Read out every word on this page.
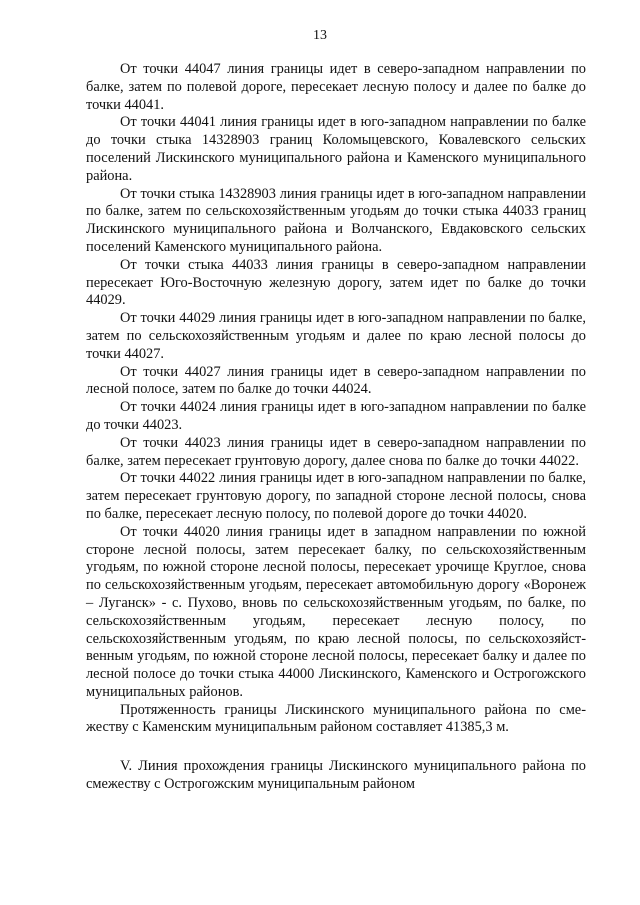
13

От точки 44047 линия границы идет в северо-западном направлении по балке, затем по полевой дороге, пересекает лесную полосу и далее по балке до точки 44041.

От точки 44041 линия границы идет в юго-западном направлении по балке до точки стыка 14328903 границ Коломыцевского, Ковалевского сельских поселений Лискинского муниципального района и Каменского муниципального района.

От точки стыка 14328903 линия границы идет в юго-западном направлении по балке, затем по сельскохозяйственным угодьям до точки стыка 44033 границ Лискинского муниципального района и Волчанского, Евдаковского сельских поселений Каменского муниципального района.

От точки стыка 44033 линия границы в северо-западном направлении пересекает Юго-Восточную железную дорогу, затем идет по балке до точки 44029.

От точки 44029 линия границы идет в юго-западном направлении по балке, затем по сельскохозяйственным угодьям и далее по краю лесной полосы до точки 44027.

От точки 44027 линия границы идет в северо-западном направлении по лесной полосе, затем по балке до точки 44024.

От точки 44024 линия границы идет в юго-западном направлении по балке до точки 44023.

От точки 44023 линия границы идет в северо-западном направлении по балке, затем пересекает грунтовую дорогу, далее снова по балке до точки 44022.

От точки 44022 линия границы идет в юго-западном направлении по балке, затем пересекает грунтовую дорогу, по западной стороне лесной полосы, снова по балке, пересекает лесную полосу, по полевой дороге до точки 44020.

От точки 44020 линия границы идет в западном направлении по южной стороне лесной полосы, затем пересекает балку, по сельскохозяйственным угодьям, по южной стороне лесной полосы, пересекает урочище Круглое, снова по сельскохозяйственным угодьям, пересекает автомобильную дорогу «Воронеж – Луганск» - с. Пухово, вновь по сельскохозяйственным угодьям, по балке, по сельскохозяйственным угодьям, пересекает лесную полосу, по сельскохозяйственным угодьям, по краю лесной полосы, по сельскохозяйственным угодьям, по южной стороне лесной полосы, пересекает балку и далее по лесной полосе до точки стыка 44000 Лискинского, Каменского и Острогожского муниципальных районов.

Протяженность границы Лискинского муниципального района по смежеству с Каменским муниципальным районом составляет 41385,3 м.

V. Линия прохождения границы Лискинского муниципального района по смежеству с Острогожским муниципальным районом
